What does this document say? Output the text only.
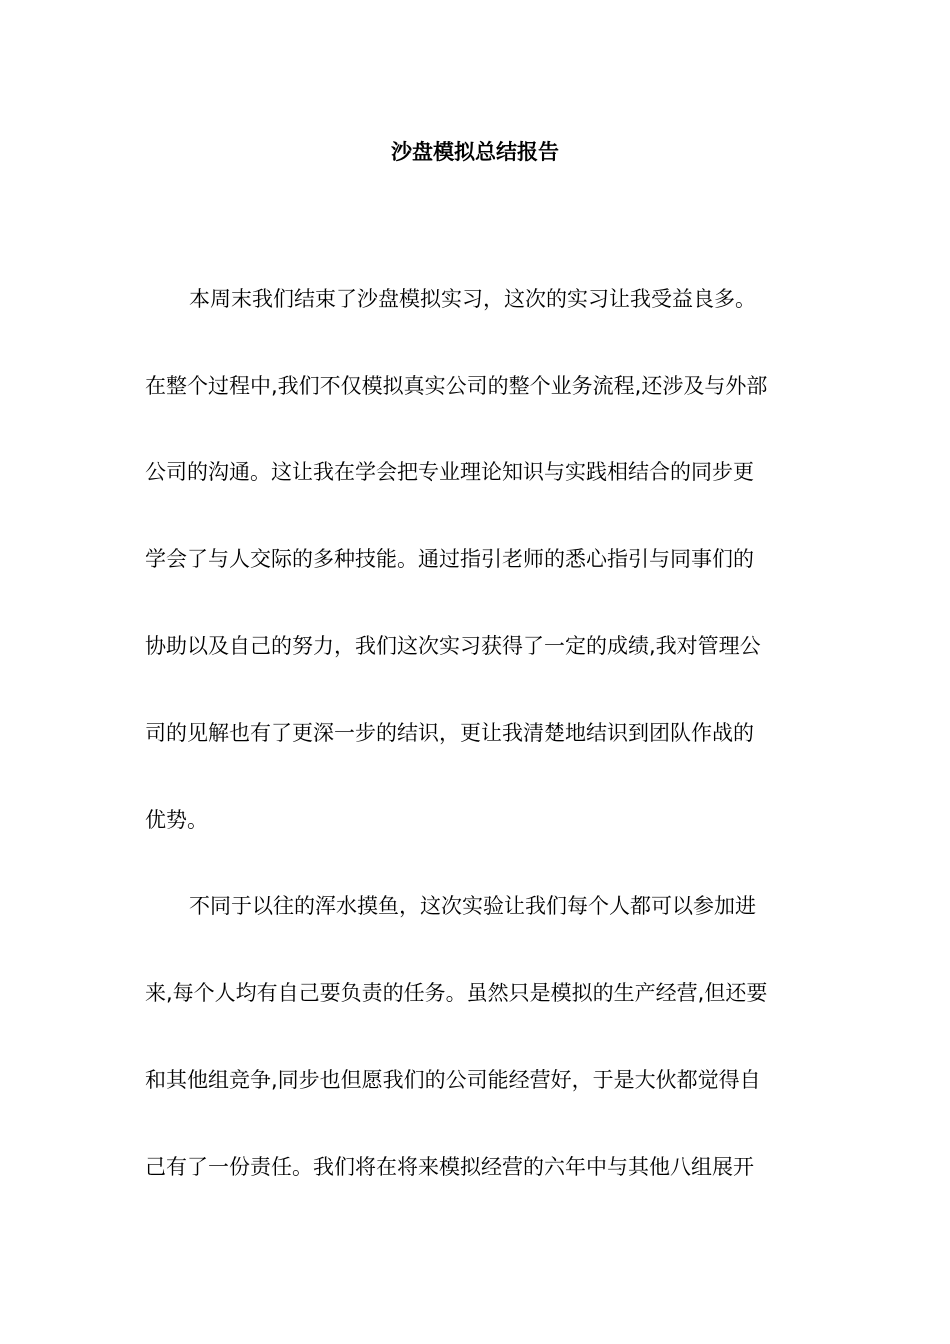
沙盘模拟总结报告
本周末我们结束了沙盘模拟实习，这次的实习让我受益良多。
在整个过程中,我们不仅模拟真实公司的整个业务流程,还涉及与外部
公司的沟通。这让我在学会把专业理论知识与实践相结合的同步更
学会了与人交际的多种技能。通过指引老师的悉心指引与同事们的
协助以及自己的努力，我们这次实习获得了一定的成绩,我对管理公
司的见解也有了更深一步的结识，更让我清楚地结识到团队作战的
优势。
不同于以往的浑水摸鱼，这次实验让我们每个人都可以参加进
来,每个人均有自己要负责的任务。虽然只是模拟的生产经营,但还要
和其他组竞争,同步也但愿我们的公司能经营好，于是大伙都觉得自
己有了一份责任。我们将在将来模拟经营的六年中与其他八组展开
